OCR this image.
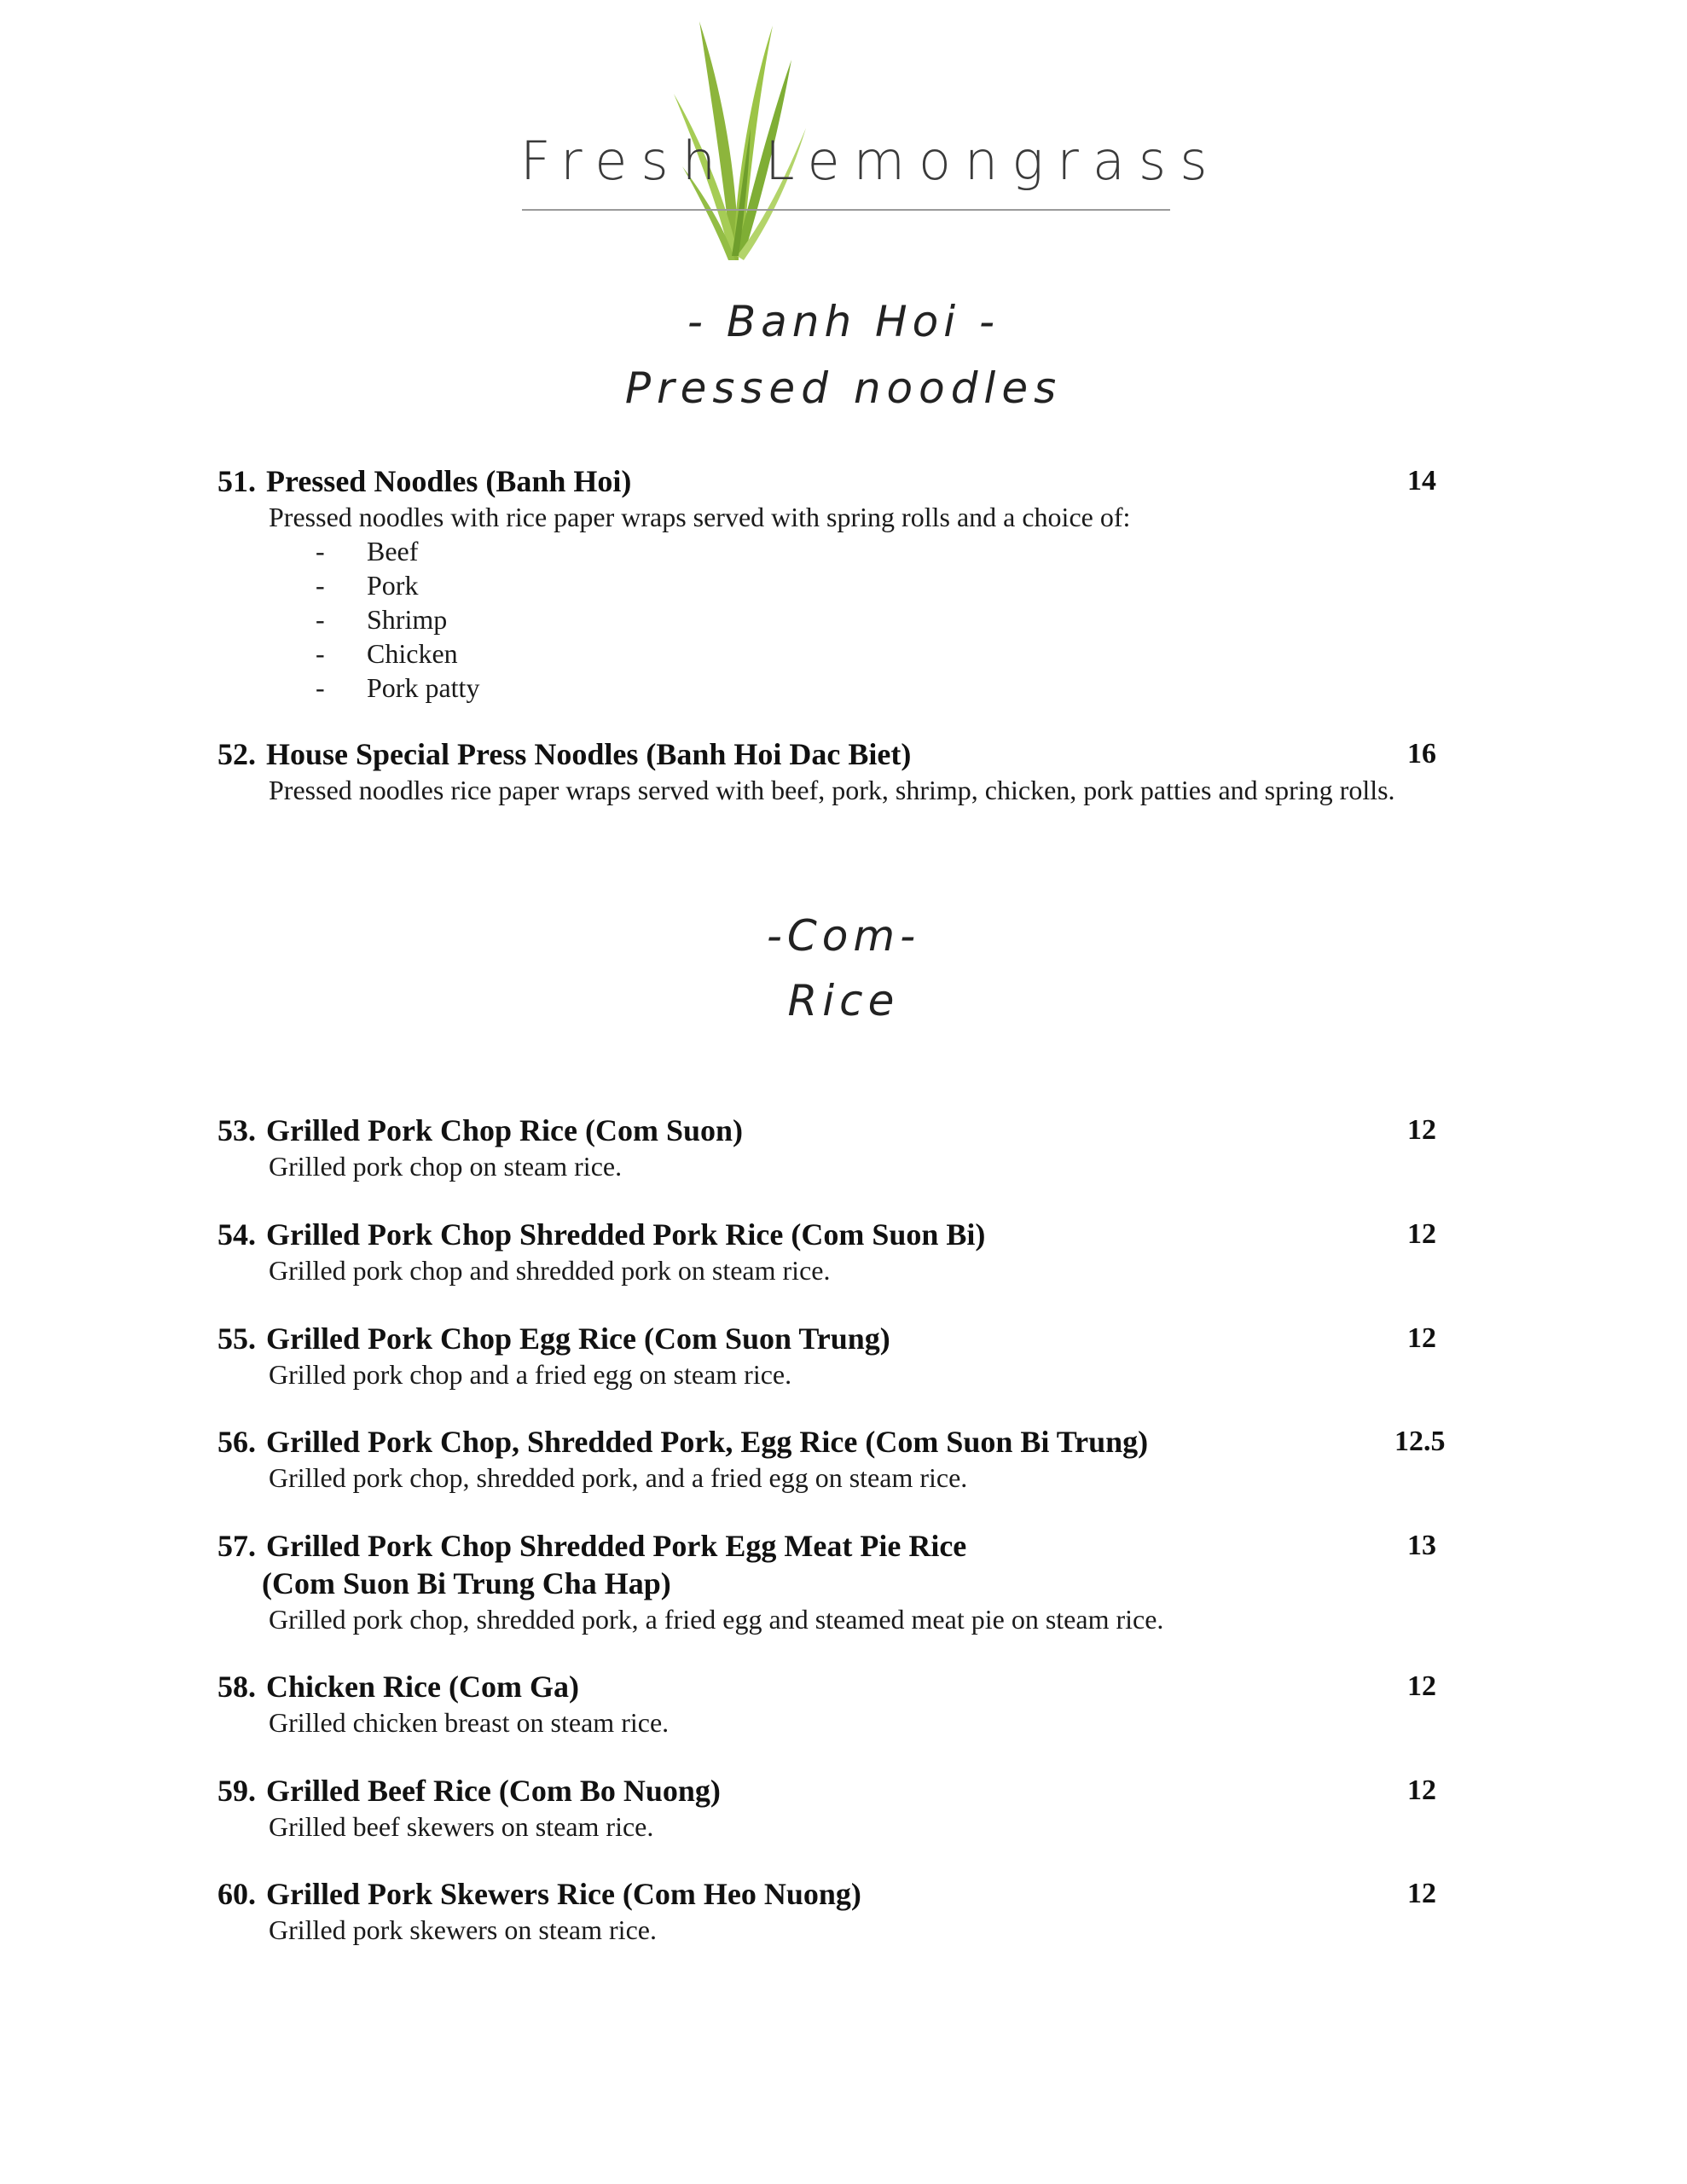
Fresh Lemongrass
- Banh Hoi -
Pressed noodles
51. Pressed Noodles (Banh Hoi)	14
Pressed noodles with rice paper wraps served with spring rolls and a choice of:
- Beef
- Pork
- Shrimp
- Chicken
- Pork patty
52. House Special Press Noodles (Banh Hoi Dac Biet)	16
Pressed noodles rice paper wraps served with beef, pork, shrimp, chicken, pork patties and spring rolls.
-Com-
Rice
53. Grilled Pork Chop Rice (Com Suon)	12
Grilled pork chop on steam rice.
54. Grilled Pork Chop Shredded Pork Rice (Com Suon Bi)	12
Grilled pork chop and shredded pork on steam rice.
55. Grilled Pork Chop Egg Rice (Com Suon Trung)	12
Grilled pork chop and a fried egg on steam rice.
56. Grilled Pork Chop, Shredded Pork, Egg Rice (Com Suon Bi Trung)	12.5
Grilled pork chop, shredded pork, and a fried egg on steam rice.
57. Grilled Pork Chop Shredded Pork Egg Meat Pie Rice	13
(Com Suon Bi Trung Cha Hap)
Grilled pork chop, shredded pork, a fried egg and steamed meat pie on steam rice.
58. Chicken Rice (Com Ga)	12
Grilled chicken breast on steam rice.
59. Grilled Beef Rice (Com Bo Nuong)	12
Grilled beef skewers on steam rice.
60. Grilled Pork Skewers Rice (Com Heo Nuong)	12
Grilled pork skewers on steam rice.
